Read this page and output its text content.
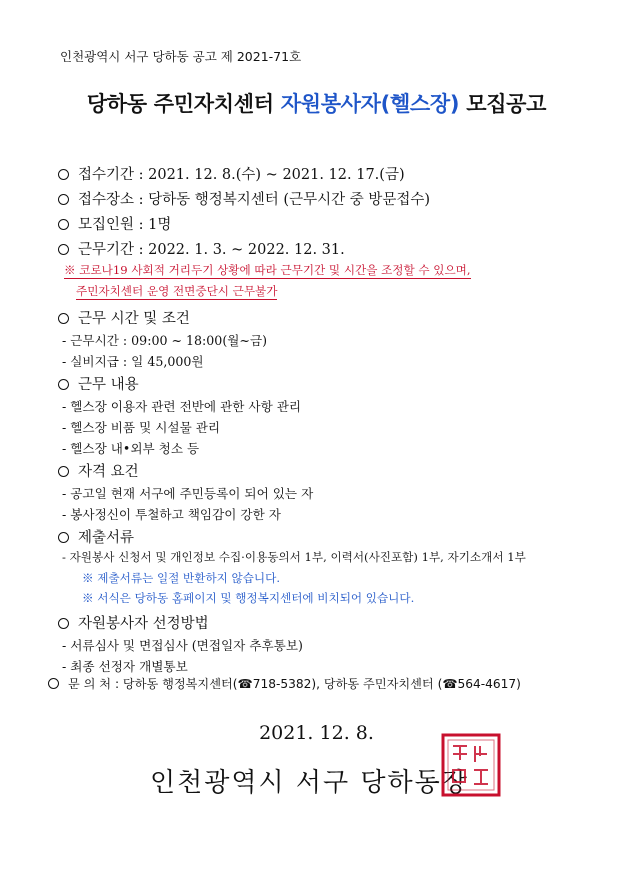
인천광역시 서구 당하동 공고 제 2021-71호
당하동 주민자치센터 자원봉사자(헬스장) 모집공고
접수기간 : 2021. 12. 8.(수) ~ 2021. 12. 17.(금)
접수장소 : 당하동 행정복지센터 (근무시간 중 방문접수)
모집인원 : 1명
근무기간 : 2022. 1. 3. ~ 2022. 12. 31.
※ 코로나19 사회적 거리두기 상황에 따라 근무기간 및 시간을 조정할 수 있으며,
주민자치센터 운영 전면중단시 근무불가
근무 시간 및 조건
- 근무시간 : 09:00 ~ 18:00(월~금)
- 실비지급 : 일 45,000원
근무 내용
- 헬스장 이용자 관련 전반에 관한 사항 관리
- 헬스장 비품 및 시설물 관리
- 헬스장 내•외부 청소 등
자격 요건
- 공고일 현재 서구에 주민등록이 되어 있는 자
- 봉사정신이 투철하고 책임감이 강한 자
제출서류
- 자원봉사 신청서 및 개인정보 수집·이용동의서 1부, 이력서(사진포함) 1부, 자기소개서 1부
※ 제출서류는 일절 반환하지 않습니다.
※ 서식은 당하동 홈페이지 및 행정복지센터에 비치되어 있습니다.
자원봉사자 선정방법
- 서류심사 및 면접심사 (면접일자 추후통보)
- 최종 선정자 개별통보
문 의 처 : 당하동 행정복지센터(☎718-5382), 당하동 주민자치센터 (☎564-4617)
2021. 12. 8.
인천광역시 서구 당하동장
